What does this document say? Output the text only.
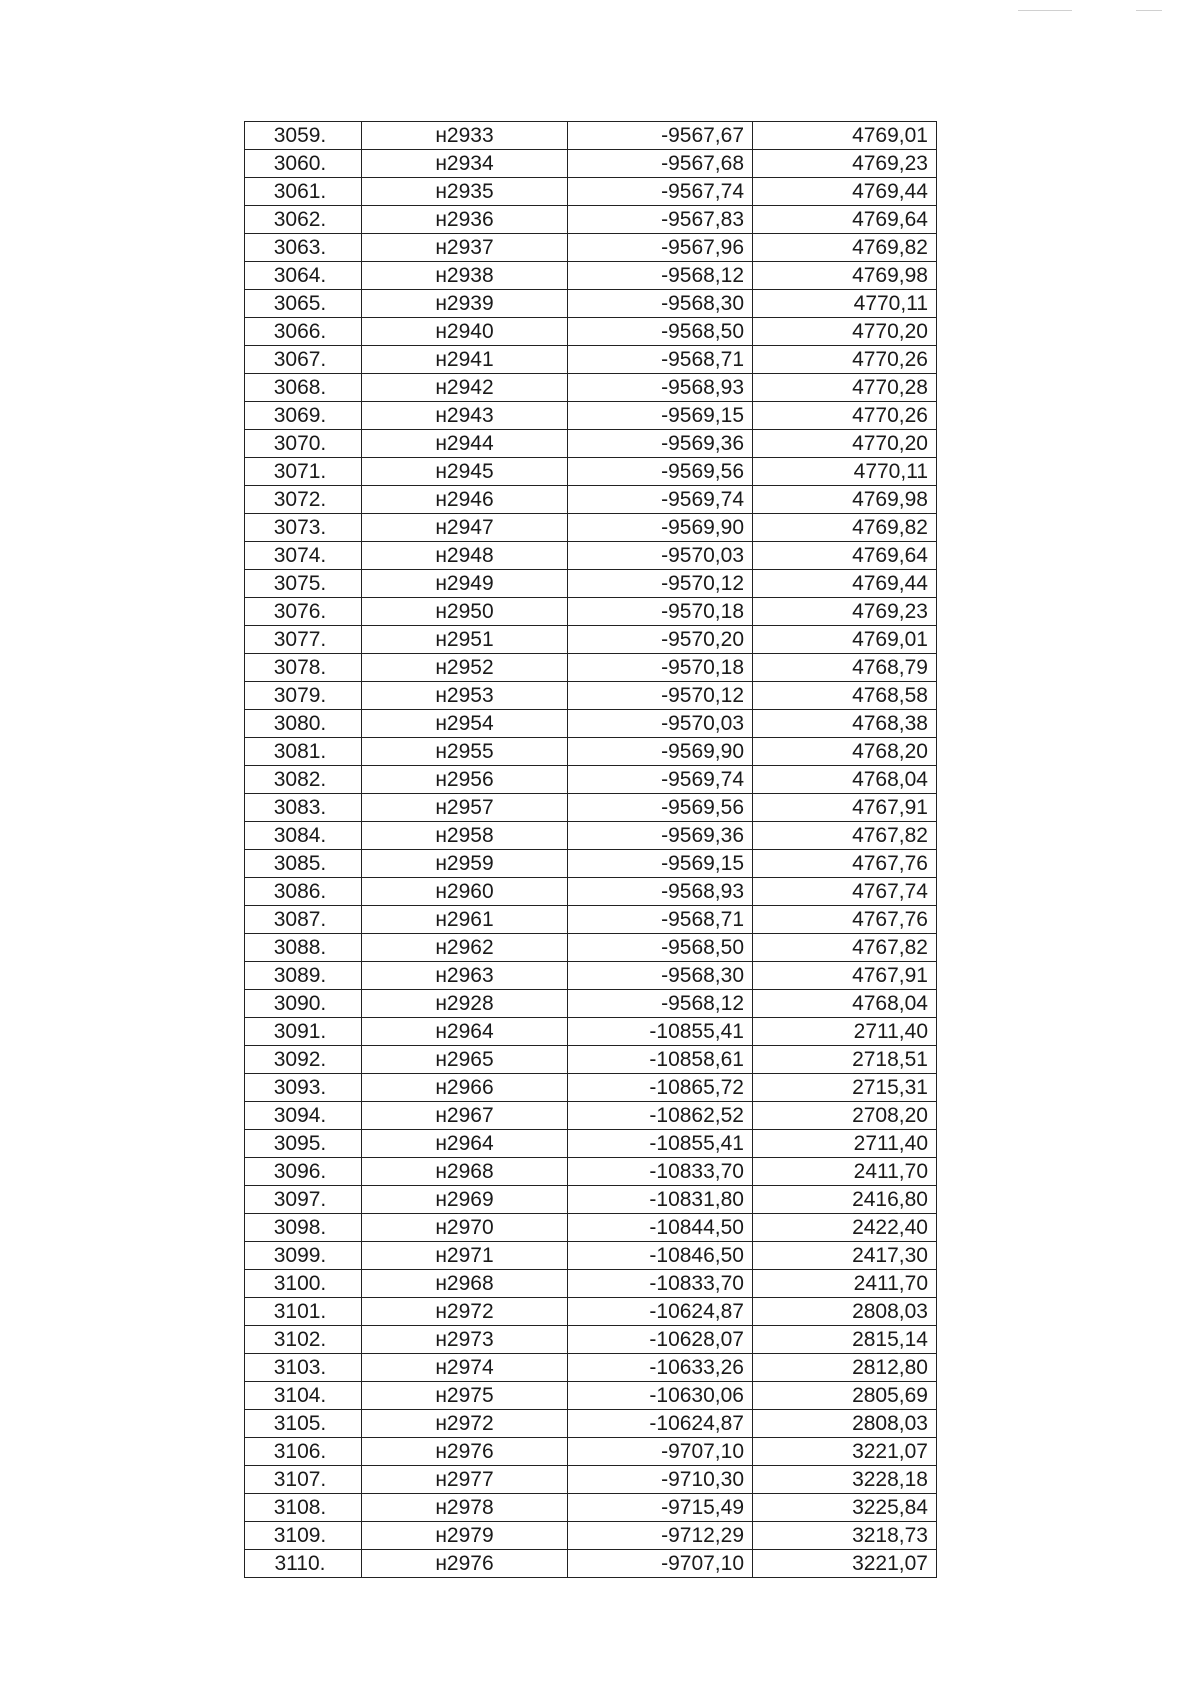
3059.	н2933	-9567,67	4769,01
3060.	н2934	-9567,68	4769,23
3061.	н2935	-9567,74	4769,44
3062.	н2936	-9567,83	4769,64
3063.	н2937	-9567,96	4769,82
3064.	н2938	-9568,12	4769,98
3065.	н2939	-9568,30	4770,11
3066.	н2940	-9568,50	4770,20
3067.	н2941	-9568,71	4770,26
3068.	н2942	-9568,93	4770,28
3069.	н2943	-9569,15	4770,26
3070.	н2944	-9569,36	4770,20
3071.	н2945	-9569,56	4770,11
3072.	н2946	-9569,74	4769,98
3073.	н2947	-9569,90	4769,82
3074.	н2948	-9570,03	4769,64
3075.	н2949	-9570,12	4769,44
3076.	н2950	-9570,18	4769,23
3077.	н2951	-9570,20	4769,01
3078.	н2952	-9570,18	4768,79
3079.	н2953	-9570,12	4768,58
3080.	н2954	-9570,03	4768,38
3081.	н2955	-9569,90	4768,20
3082.	н2956	-9569,74	4768,04
3083.	н2957	-9569,56	4767,91
3084.	н2958	-9569,36	4767,82
3085.	н2959	-9569,15	4767,76
3086.	н2960	-9568,93	4767,74
3087.	н2961	-9568,71	4767,76
3088.	н2962	-9568,50	4767,82
3089.	н2963	-9568,30	4767,91
3090.	н2928	-9568,12	4768,04
3091.	н2964	-10855,41	2711,40
3092.	н2965	-10858,61	2718,51
3093.	н2966	-10865,72	2715,31
3094.	н2967	-10862,52	2708,20
3095.	н2964	-10855,41	2711,40
3096.	н2968	-10833,70	2411,70
3097.	н2969	-10831,80	2416,80
3098.	н2970	-10844,50	2422,40
3099.	н2971	-10846,50	2417,30
3100.	н2968	-10833,70	2411,70
3101.	н2972	-10624,87	2808,03
3102.	н2973	-10628,07	2815,14
3103.	н2974	-10633,26	2812,80
3104.	н2975	-10630,06	2805,69
3105.	н2972	-10624,87	2808,03
3106.	н2976	-9707,10	3221,07
3107.	н2977	-9710,30	3228,18
3108.	н2978	-9715,49	3225,84
3109.	н2979	-9712,29	3218,73
3110.	н2976	-9707,10	3221,07
